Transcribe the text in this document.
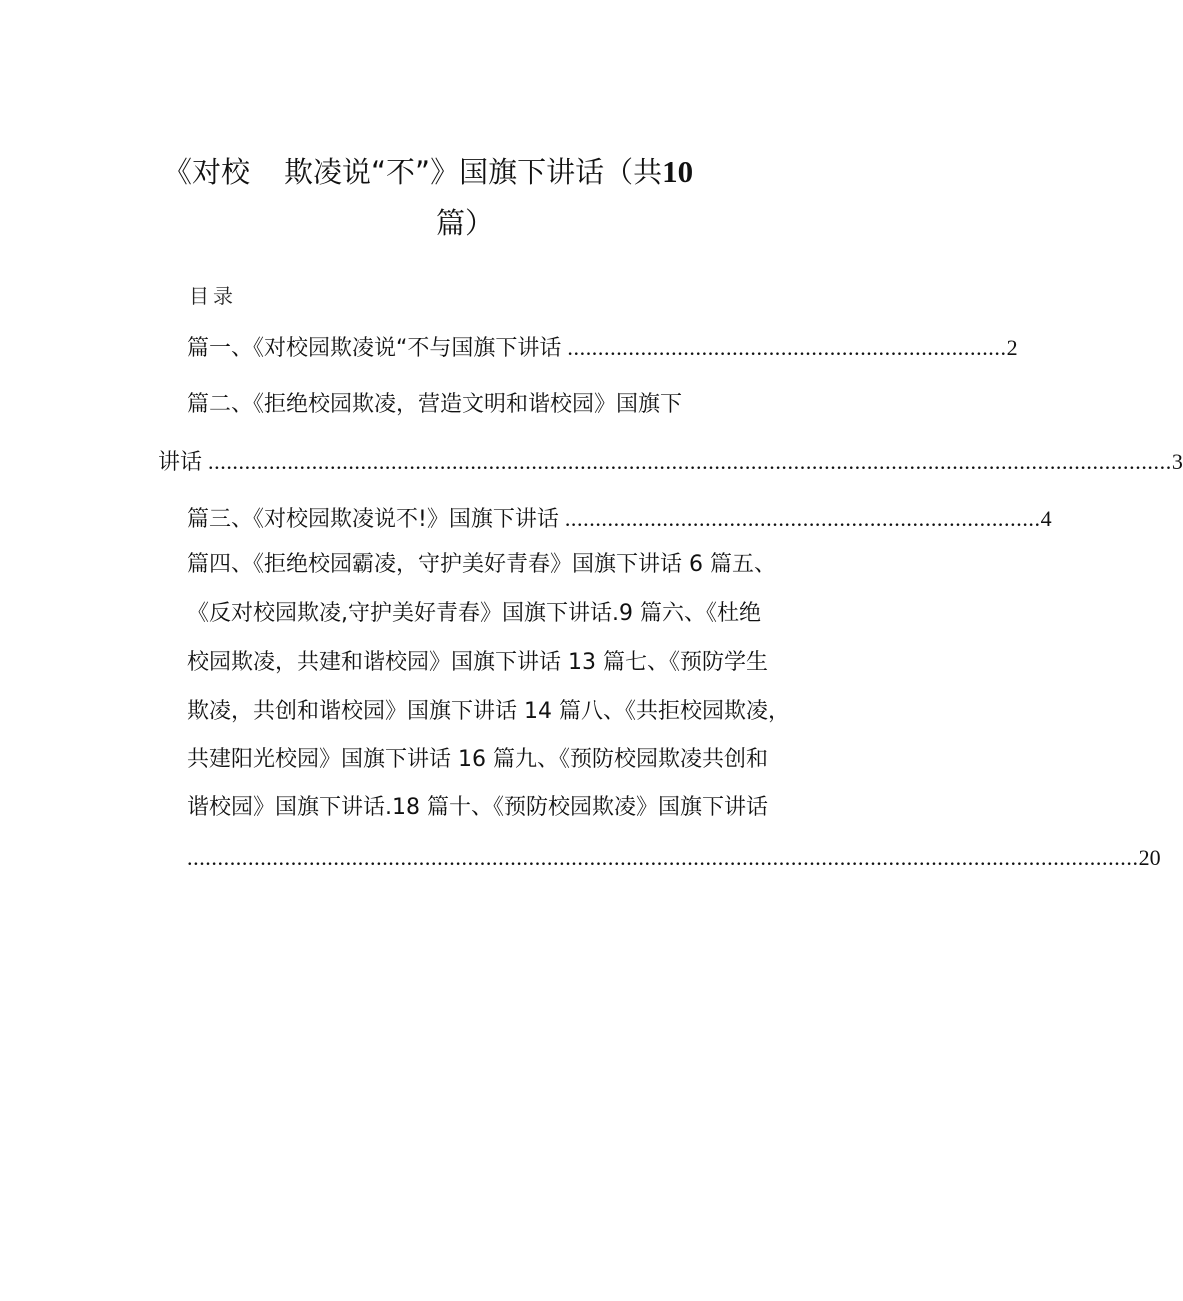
《对校 欺凌说“不”》国旗下讲话（共10
篇）
目录
篇一、《对校园欺凌说“不与国旗下讲话 ........................................................................ 2
篇二、《拒绝校园欺凌，营造文明和谐校园》国旗下
讲话 .............................................................................................................................................................. 3
篇三、《对校园欺凌说不!》国旗下讲话 .............................................................................. 4
篇四、《拒绝校园霸凌，守护美好青春》国旗下讲话 6 篇五、
《反对校园欺凌,守护美好青春》国旗下讲话.9 篇六、《杜绝
校园欺凌，共建和谐校园》国旗下讲话 13 篇七、《预防学生
欺凌，共创和谐校园》国旗下讲话 14 篇八、《共拒校园欺凌，
共建阳光校园》国旗下讲话 16 篇九、《预防校园欺凌共创和
谐校园》国旗下讲话.18 篇十、《预防校园欺凌》国旗下讲话
............................................................................................................................................................ 20
